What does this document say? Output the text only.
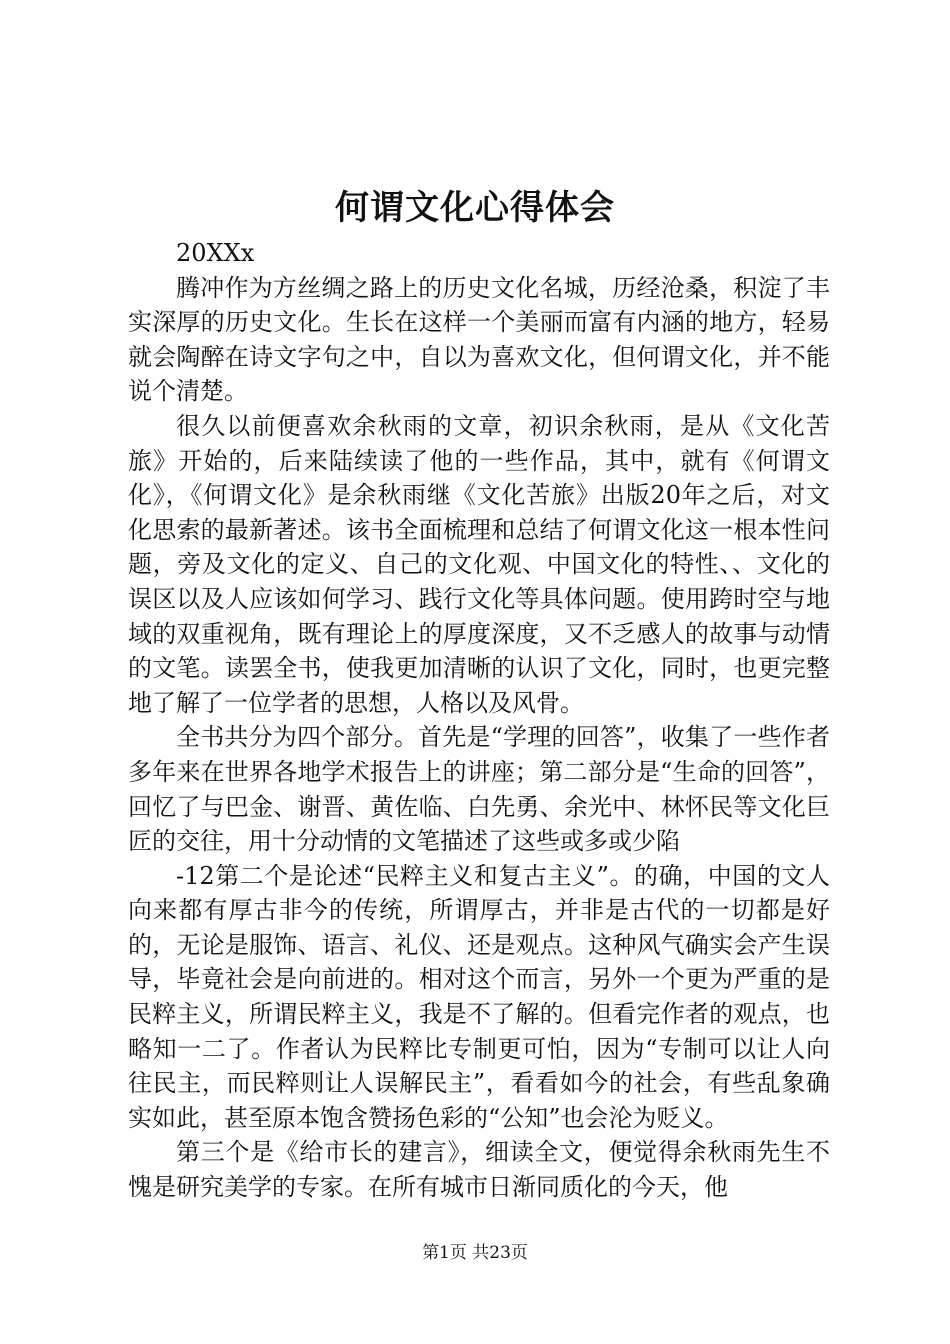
何谓文化心得体会

20XXx

腾冲作为方丝绸之路上的历史文化名城，历经沧桑，积淀了丰实深厚的历史文化。生长在这样一个美丽而富有内涵的地方，轻易就会陶醉在诗文字句之中，自以为喜欢文化，但何谓文化，并不能说个清楚。

很久以前便喜欢余秋雨的文章，初识余秋雨，是从《文化苦旅》开始的，后来陆续读了他的一些作品，其中，就有《何谓文化》，《何谓文化》是余秋雨继《文化苦旅》出版20年之后，对文化思索的最新著述。该书全面梳理和总结了何谓文化这一根本性问题，旁及文化的定义、自己的文化观、中国文化的特性、、文化的误区以及人应该如何学习、践行文化等具体问题。使用跨时空与地域的双重视角，既有理论上的厚度深度，又不乏感人的故事与动情的文笔。读罢全书，使我更加清晰的认识了文化，同时，也更完整地了解了一位学者的思想，人格以及风骨。

全书共分为四个部分。首先是“学理的回答”，收集了一些作者多年来在世界各地学术报告上的讲座；第二部分是“生命的回答”，回忆了与巴金、谢晋、黄佐临、白先勇、余光中、林怀民等文化巨匠的交往，用十分动情的文笔描述了这些或多或少陷

-12第二个是论述“民粹主义和复古主义”。的确，中国的文人向来都有厚古非今的传统，所谓厚古，并非是古代的一切都是好的，无论是服饰、语言、礼仪、还是观点。这种风气确实会产生误导，毕竟社会是向前进的。相对这个而言，另外一个更为严重的是民粹主义，所谓民粹主义，我是不了解的。但看完作者的观点，也略知一二了。作者认为民粹比专制更可怕，因为“专制可以让人向往民主，而民粹则让人误解民主”，看看如今的社会，有些乱象确实如此，甚至原本饱含赞扬色彩的“公知”也会沦为贬义。

第三个是《给市长的建言》，细读全文，便觉得余秋雨先生不愧是研究美学的专家。在所有城市日渐同质化的今天，他

第1页 共23页
